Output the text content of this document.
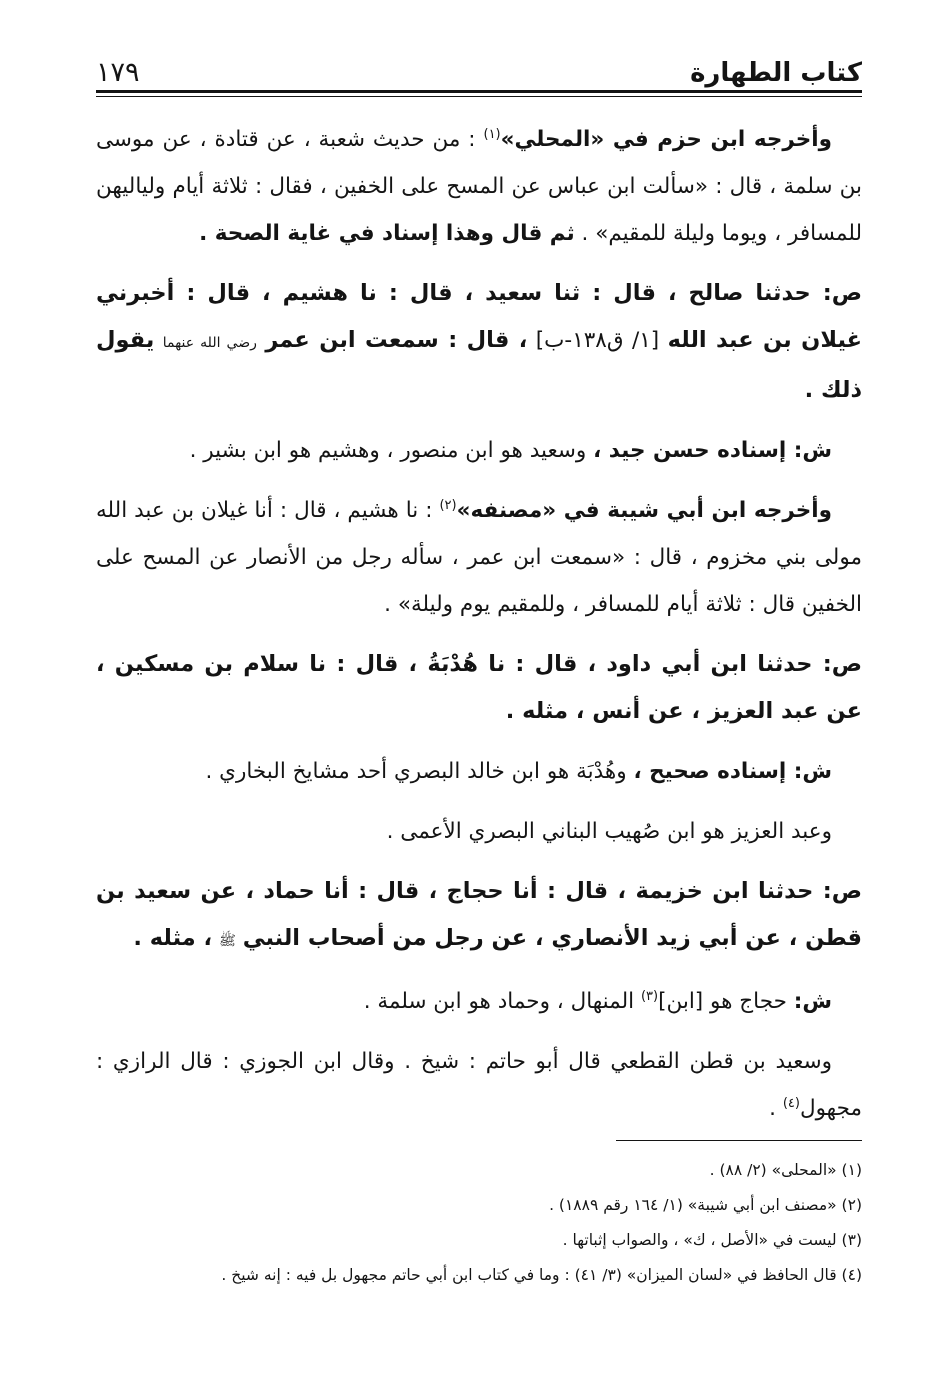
كتاب الطهارة
١٧٩

وأخرجه ابن حزم في «المحلي»$^{(١)}$ : من حديث شعبة ، عن قتادة ، عن موسى بن سلمة ، قال : «سألت ابن عباس عن المسح على الخفين ، فقال : ثلاثة أيام ولياليهن للمسافر ، ويوما وليلة للمقيم» . ثم قال وهذا إسناد في غاية الصحة .

ص: حدثنا صالح ، قال : ثنا سعيد ، قال : نا هشيم ، قال : أخبرني غيلان بن عبد الله [١/ ق١٣٨-ب] ، قال : سمعت ابن عمر رضي الله عنهما يقول ذلك .

ش: إسناده حسن جيد ، وسعيد هو ابن منصور ، وهشيم هو ابن بشير .

وأخرجه ابن أبي شيبة في «مصنفه»$^{(٢)}$ : نا هشيم ، قال : أنا غيلان بن عبد الله مولى بني مخزوم ، قال : «سمعت ابن عمر ، سأله رجل من الأنصار عن المسح على الخفين قال : ثلاثة أيام للمسافر ، وللمقيم يوم وليلة» .

ص: حدثنا ابن أبي داود ، قال : نا هُدْبَةُ ، قال : نا سلام بن مسكين ، عن عبد العزيز ، عن أنس ، مثله .

ش: إسناده صحيح ، وهُدْبَة هو ابن خالد البصري أحد مشايخ البخاري .

وعبد العزيز هو ابن صُهيب البناني البصري الأعمى .

ص: حدثنا ابن خزيمة ، قال : أنا حجاج ، قال : أنا حماد ، عن سعيد بن قطن ، عن أبي زيد الأنصاري ، عن رجل من أصحاب النبي ﷺ ، مثله .

ش: حجاج هو [ابن]$^{(٣)}$ المنهال ، وحماد هو ابن سلمة .

وسعيد بن قطن القطعي قال أبو حاتم : شيخ . وقال ابن الجوزي : قال الرازي : مجهول$^{(٤)}$ .

(١) «المحلى» (٢/ ٨٨) .
(٢) «مصنف ابن أبي شيبة» (١/ ١٦٤ رقم ١٨٨٩) .
(٣) ليست في «الأصل ، ك» ، والصواب إثباتها .
(٤) قال الحافظ في «لسان الميزان» (٣/ ٤١) : وما في كتاب ابن أبي حاتم مجهول بل فيه : إنه شيخ .
